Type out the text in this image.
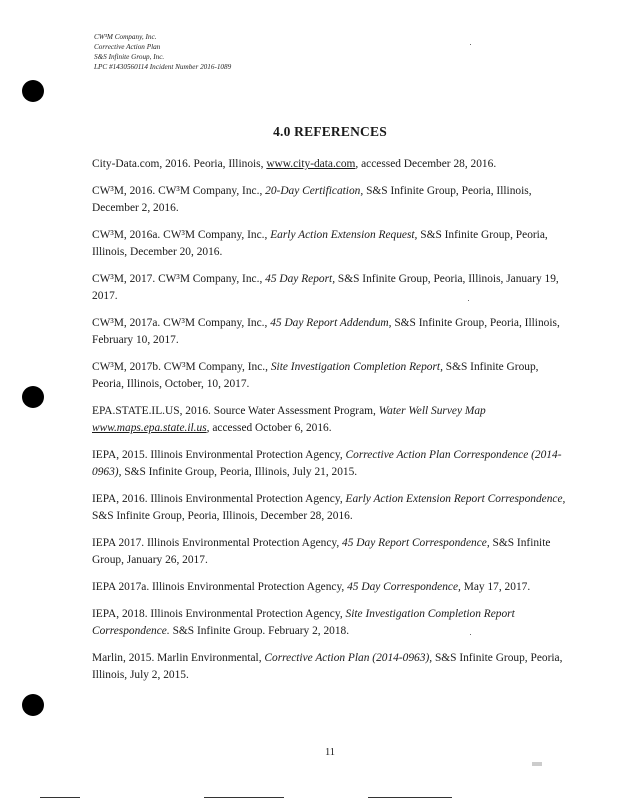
CW³M Company, Inc.
Corrective Action Plan
S&S Infinite Group, Inc.
LPC #1430560114 Incident Number 2016-1089
4.0 REFERENCES

City-Data.com, 2016. Peoria, Illinois, www.city-data.com, accessed December 28, 2016.

CW³M, 2016. CW³M Company, Inc., 20-Day Certification, S&S Infinite Group, Peoria, Illinois, December 2, 2016.

CW³M, 2016a. CW³M Company, Inc., Early Action Extension Request, S&S Infinite Group, Peoria, Illinois, December 20, 2016.

CW³M, 2017. CW³M Company, Inc., 45 Day Report, S&S Infinite Group, Peoria, Illinois, January 19, 2017.

CW³M, 2017a. CW³M Company, Inc., 45 Day Report Addendum, S&S Infinite Group, Peoria, Illinois, February 10, 2017.

CW³M, 2017b. CW³M Company, Inc., Site Investigation Completion Report, S&S Infinite Group, Peoria, Illinois, October, 10, 2017.

EPA.STATE.IL.US, 2016. Source Water Assessment Program, Water Well Survey Map
www.maps.epa.state.il.us, accessed October 6, 2016.

IEPA, 2015. Illinois Environmental Protection Agency, Corrective Action Plan Correspondence (2014-0963), S&S Infinite Group, Peoria, Illinois, July 21, 2015.

IEPA, 2016. Illinois Environmental Protection Agency, Early Action Extension Report Correspondence, S&S Infinite Group, Peoria, Illinois, December 28, 2016.

IEPA 2017. Illinois Environmental Protection Agency, 45 Day Report Correspondence, S&S Infinite Group, January 26, 2017.

IEPA 2017a. Illinois Environmental Protection Agency, 45 Day Correspondence, May 17, 2017.

IEPA, 2018. Illinois Environmental Protection Agency, Site Investigation Completion Report Correspondence. S&S Infinite Group. February 2, 2018.

Marlin, 2015. Marlin Environmental, Corrective Action Plan (2014-0963), S&S Infinite Group, Peoria, Illinois, July 2, 2015.

11
